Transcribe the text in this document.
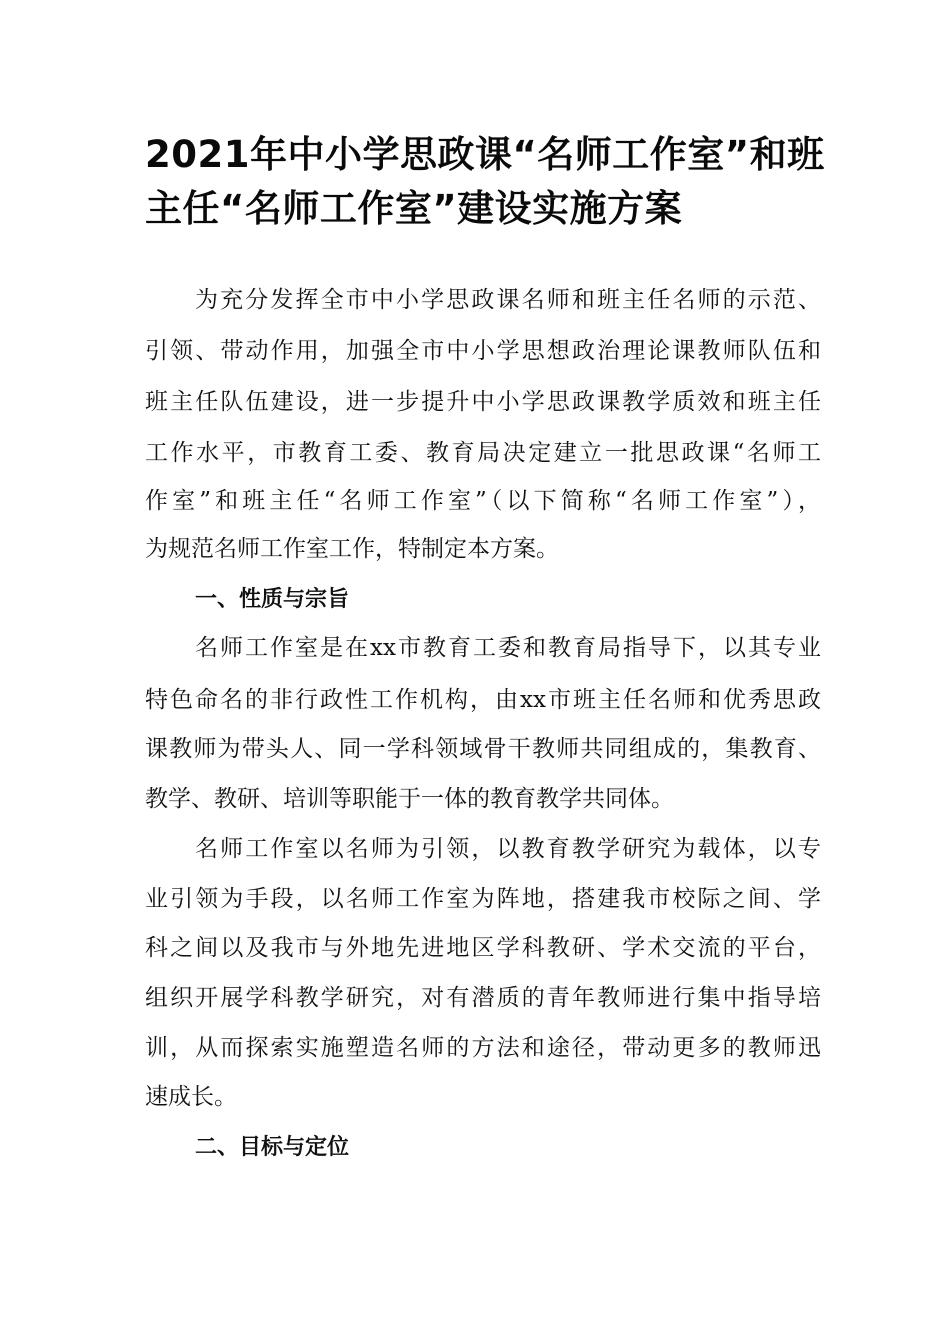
2021年中小学思政课“名师工作室”和班
主任“名师工作室”建设实施方案
为充分发挥全市中小学思政课名师和班主任名师的示范、
引领、带动作用，加强全市中小学思想政治理论课教师队伍和
班主任队伍建设，进一步提升中小学思政课教学质效和班主任
工作水平，市教育工委、教育局决定建立一批思政课“名师工
作室”和班主任“名师工作室”（以下简称“名师工作室”），
为规范名师工作室工作，特制定本方案。
一、性质与宗旨
名师工作室是在xx市教育工委和教育局指导下，以其专业
特色命名的非行政性工作机构，由xx市班主任名师和优秀思政
课教师为带头人、同一学科领域骨干教师共同组成的，集教育、
教学、教研、培训等职能于一体的教育教学共同体。
名师工作室以名师为引领，以教育教学研究为载体，以专
业引领为手段，以名师工作室为阵地，搭建我市校际之间、学
科之间以及我市与外地先进地区学科教研、学术交流的平台，
组织开展学科教学研究，对有潜质的青年教师进行集中指导培
训，从而探索实施塑造名师的方法和途径，带动更多的教师迅
速成长。
二、目标与定位
